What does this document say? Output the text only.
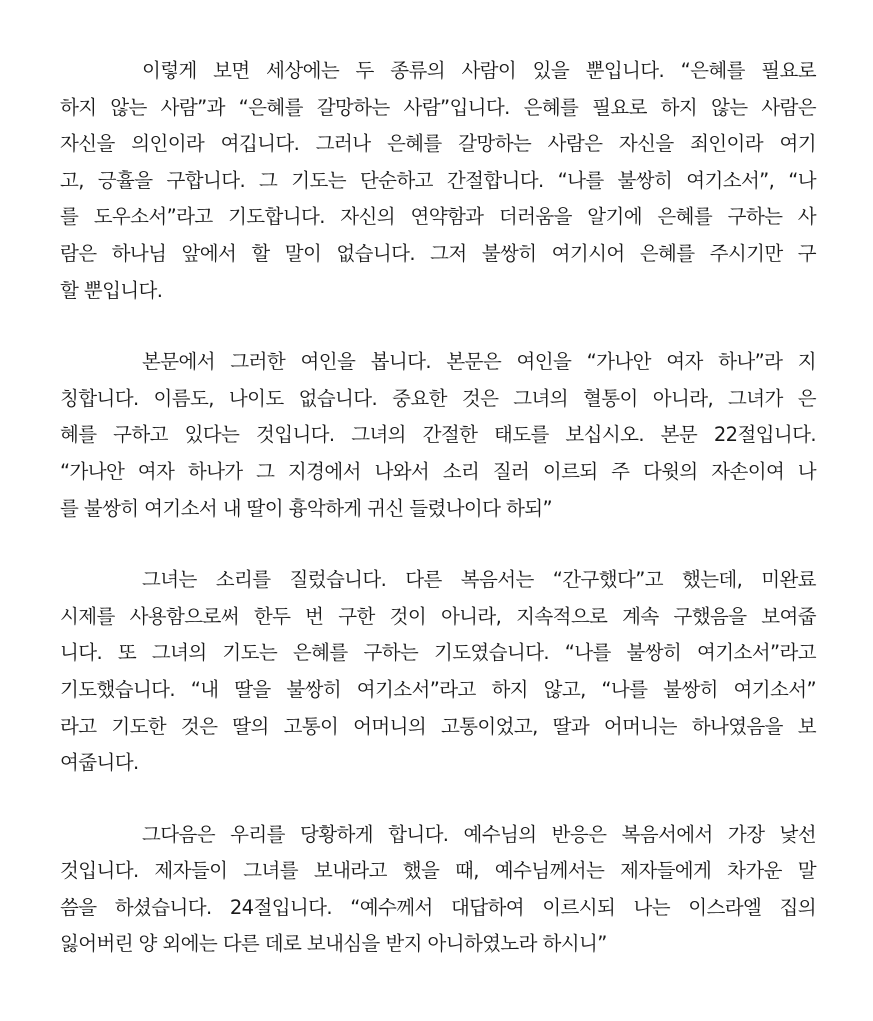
이렇게 보면 세상에는 두 종류의 사람이 있을 뿐입니다. “은혜를 필요로
하지 않는 사람”과 “은혜를 갈망하는 사람”입니다. 은혜를 필요로 하지 않는 사람은
자신을 의인이라 여깁니다. 그러나 은혜를 갈망하는 사람은 자신을 죄인이라 여기
고, 긍휼을 구합니다. 그 기도는 단순하고 간절합니다. “나를 불쌍히 여기소서”, “나
를 도우소서”라고 기도합니다. 자신의 연약함과 더러움을 알기에 은혜를 구하는 사
람은 하나님 앞에서 할 말이 없습니다. 그저 불쌍히 여기시어 은혜를 주시기만 구
할 뿐입니다.
본문에서 그러한 여인을 봅니다. 본문은 여인을 “가나안 여자 하나”라 지
칭합니다. 이름도, 나이도 없습니다. 중요한 것은 그녀의 혈통이 아니라, 그녀가 은
혜를 구하고 있다는 것입니다. 그녀의 간절한 태도를 보십시오. 본문 22절입니다.
“가나안 여자 하나가 그 지경에서 나와서 소리 질러 이르되 주 다윗의 자손이여 나
를 불쌍히 여기소서 내 딸이 흉악하게 귀신 들렸나이다 하되”
그녀는 소리를 질렀습니다. 다른 복음서는 “간구했다”고 했는데, 미완료
시제를 사용함으로써 한두 번 구한 것이 아니라, 지속적으로 계속 구했음을 보여줍
니다. 또 그녀의 기도는 은혜를 구하는 기도였습니다. “나를 불쌍히 여기소서”라고
기도했습니다. “내 딸을 불쌍히 여기소서”라고 하지 않고, “나를 불쌍히 여기소서”
라고 기도한 것은 딸의 고통이 어머니의 고통이었고, 딸과 어머니는 하나였음을 보
여줍니다.
그다음은 우리를 당황하게 합니다. 예수님의 반응은 복음서에서 가장 낯선
것입니다. 제자들이 그녀를 보내라고 했을 때, 예수님께서는 제자들에게 차가운 말
씀을 하셨습니다. 24절입니다. “예수께서 대답하여 이르시되 나는 이스라엘 집의
잃어버린 양 외에는 다른 데로 보내심을 받지 아니하였노라 하시니”
